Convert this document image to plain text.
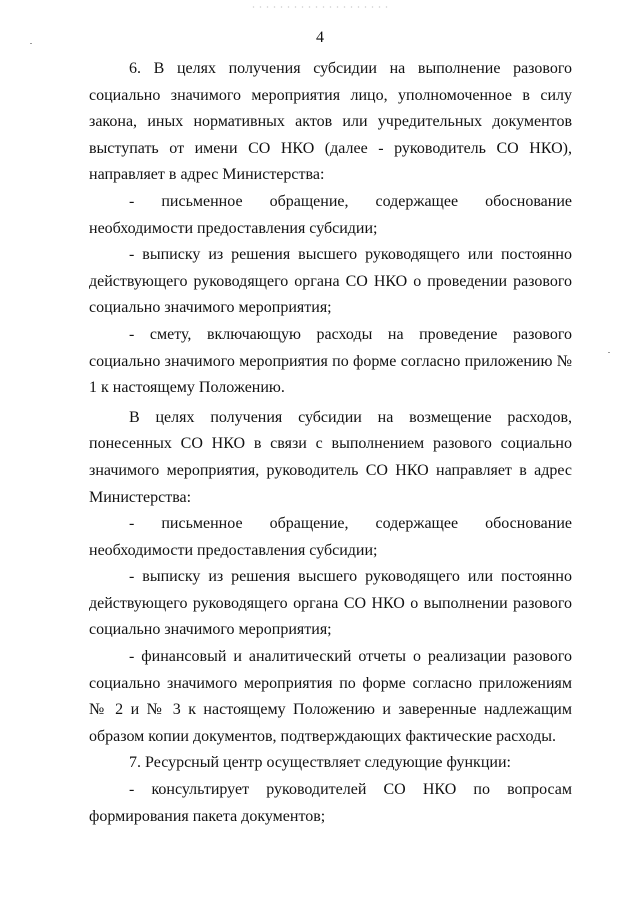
4

6. В целях получения субсидии на выполнение разового социально значимого мероприятия лицо, уполномоченное в силу закона, иных нормативных актов или учредительных документов выступать от имени СО НКО (далее - руководитель СО НКО), направляет в адрес Министерства:

- письменное обращение, содержащее обоснование необходимости предоставления субсидии;

- выписку из решения высшего руководящего или постоянно действующего руководящего органа СО НКО о проведении разового социально значимого мероприятия;

- смету, включающую расходы на проведение разового социально значимого мероприятия по форме согласно приложению № 1 к настоящему Положению.

В целях получения субсидии на возмещение расходов, понесенных СО НКО в связи с выполнением разового социально значимого мероприятия, руководитель СО НКО направляет в адрес Министерства:

- письменное обращение, содержащее обоснование необходимости предоставления субсидии;

- выписку из решения высшего руководящего или постоянно действующего руководящего органа СО НКО о выполнении разового социально значимого мероприятия;

- финансовый и аналитический отчеты о реализации разового социально значимого мероприятия по форме согласно приложениям № 2 и № 3 к настоящему Положению и заверенные надлежащим образом копии документов, подтверждающих фактические расходы.

7. Ресурсный центр осуществляет следующие функции:

- консультирует руководителей СО НКО по вопросам формирования пакета документов;
